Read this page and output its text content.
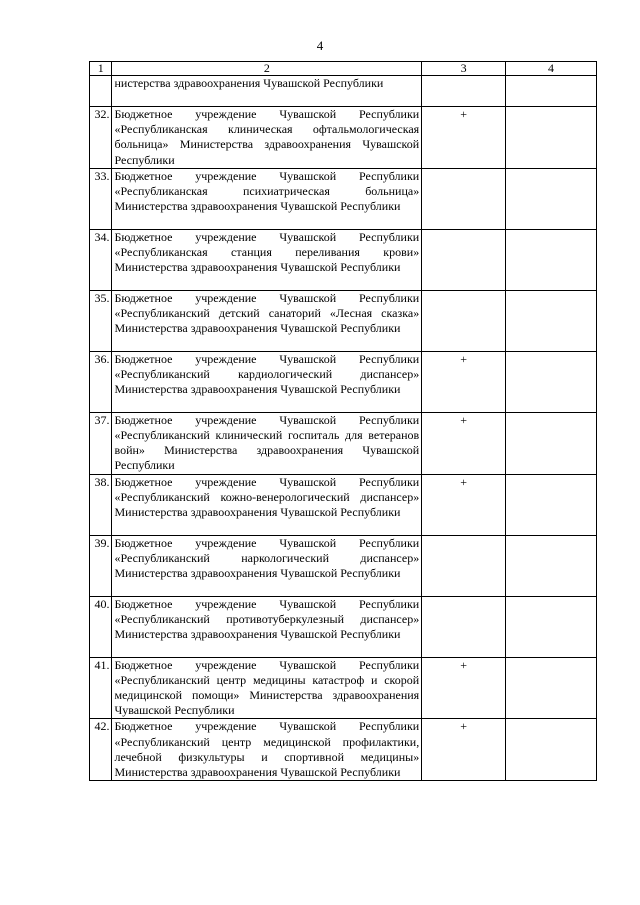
4
1	2	3	4
	нистерства здравоохранения Чувашской Республики		
32.	Бюджетное учреждение Чувашской Республики «Республиканская клиническая офтальмологическая больница» Министерства здравоохранения Чувашской Республики	+	
33.	Бюджетное учреждение Чувашской Республики «Республиканская психиатрическая больница» Министерства здравоохранения Чувашской Республики		
34.	Бюджетное учреждение Чувашской Республики «Республиканская станция переливания крови» Министерства здравоохранения Чувашской Республики		
35.	Бюджетное учреждение Чувашской Республики «Республиканский детский санаторий «Лесная сказка» Министерства здравоохранения Чувашской Республики		
36.	Бюджетное учреждение Чувашской Республики «Республиканский кардиологический диспансер» Министерства здравоохранения Чувашской Республики	+	
37.	Бюджетное учреждение Чувашской Республики «Республиканский клинический госпиталь для ветеранов войн» Министерства здравоохранения Чувашской Республики	+	
38.	Бюджетное учреждение Чувашской Республики «Республиканский кожно-венерологический диспансер» Министерства здравоохранения Чувашской Республики	+	
39.	Бюджетное учреждение Чувашской Республики «Республиканский наркологический диспансер» Министерства здравоохранения Чувашской Республики		
40.	Бюджетное учреждение Чувашской Республики «Республиканский противотуберкулезный диспансер» Министерства здравоохранения Чувашской Республики		
41.	Бюджетное учреждение Чувашской Республики «Республиканский центр медицины катастроф и скорой медицинской помощи» Министерства здравоохранения Чувашской Республики	+	
42.	Бюджетное учреждение Чувашской Республики «Республиканский центр медицинской профилактики, лечебной физкультуры и спортивной медицины» Министерства здравоохранения Чувашской Республики	+	
